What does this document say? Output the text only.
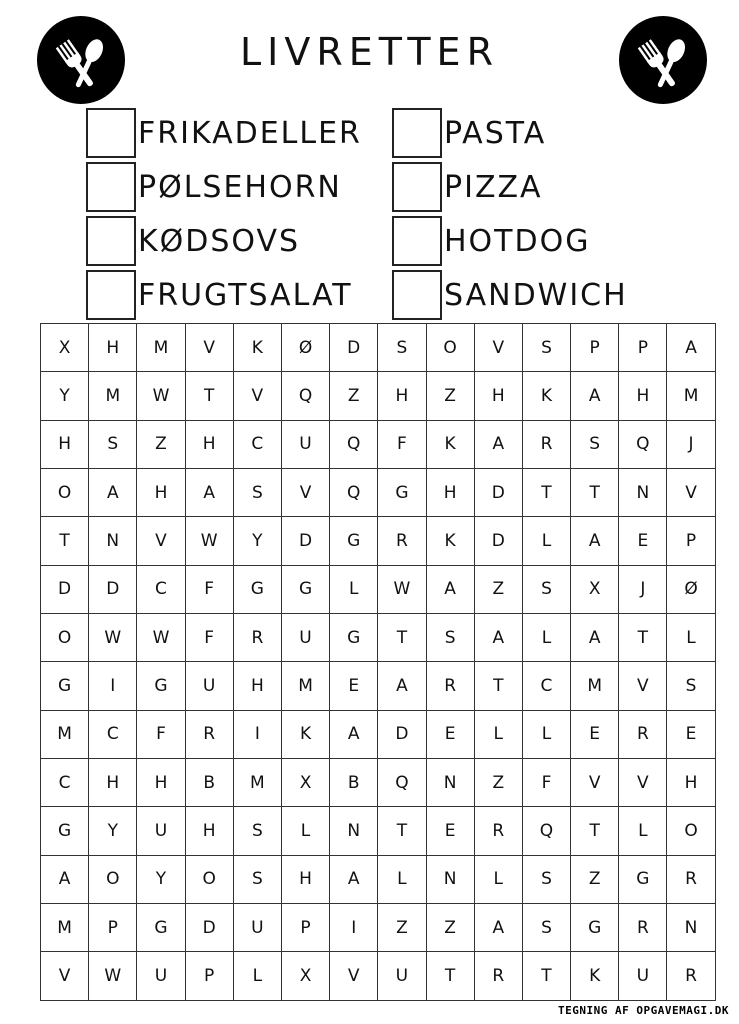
LIVRETTER
FRIKADELLER
PØLSEHORN
KØDSOVS
FRUGTSALAT
PASTA
PIZZA
HOTDOG
SANDWICH
X	H	M	V	K	Ø	D	S	O	V	S	P	P	A
Y	M	W	T	V	Q	Z	H	Z	H	K	A	H	M
H	S	Z	H	C	U	Q	F	K	A	R	S	Q	J
O	A	H	A	S	V	Q	G	H	D	T	T	N	V
T	N	V	W	Y	D	G	R	K	D	L	A	E	P
D	D	C	F	G	G	L	W	A	Z	S	X	J	Ø
O	W	W	F	R	U	G	T	S	A	L	A	T	L
G	I	G	U	H	M	E	A	R	T	C	M	V	S
M	C	F	R	I	K	A	D	E	L	L	E	R	E
C	H	H	B	M	X	B	Q	N	Z	F	V	V	H
G	Y	U	H	S	L	N	T	E	R	Q	T	L	O
A	O	Y	O	S	H	A	L	N	L	S	Z	G	R
M	P	G	D	U	P	I	Z	Z	A	S	G	R	N
V	W	U	P	L	X	V	U	T	R	T	K	U	R
TEGNING AF OPGAVEMAGI.DK
